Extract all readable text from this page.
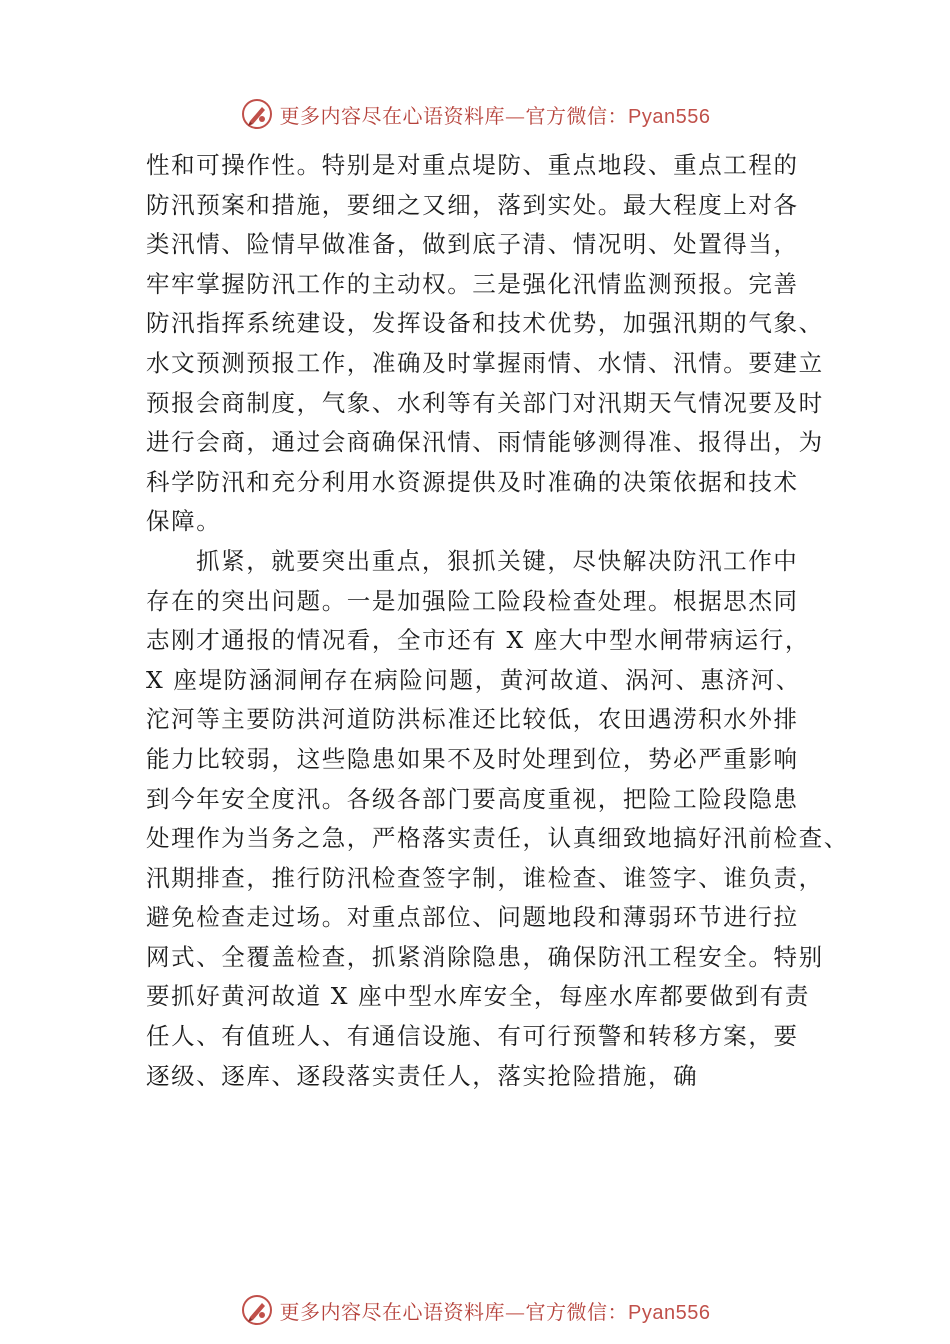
更多内容尽在心语资料库—官方微信：Pyan556
性和可操作性。特别是对重点堤防、重点地段、重点工程的
防汛预案和措施，要细之又细，落到实处。最大程度上对各
类汛情、险情早做准备，做到底子清、情况明、处置得当，
牢牢掌握防汛工作的主动权。三是强化汛情监测预报。完善
防汛指挥系统建设，发挥设备和技术优势，加强汛期的气象、
水文预测预报工作，准确及时掌握雨情、水情、汛情。要建立
预报会商制度，气象、水利等有关部门对汛期天气情况要及时
进行会商，通过会商确保汛情、雨情能够测得准、报得出，为
科学防汛和充分利用水资源提供及时准确的决策依据和技术
保障。
抓紧，就要突出重点，狠抓关键，尽快解决防汛工作中
存在的突出问题。一是加强险工险段检查处理。根据思杰同
志刚才通报的情况看，全市还有 X 座大中型水闸带病运行，
X 座堤防涵洞闸存在病险问题，黄河故道、涡河、惠济河、
沱河等主要防洪河道防洪标准还比较低，农田遇涝积水外排
能力比较弱，这些隐患如果不及时处理到位，势必严重影响
到今年安全度汛。各级各部门要高度重视，把险工险段隐患
处理作为当务之急，严格落实责任，认真细致地搞好汛前检查、
汛期排查，推行防汛检查签字制，谁检查、谁签字、谁负责，
避免检查走过场。对重点部位、问题地段和薄弱环节进行拉
网式、全覆盖检查，抓紧消除隐患，确保防汛工程安全。特别
要抓好黄河故道 X 座中型水库安全，每座水库都要做到有责
任人、有值班人、有通信设施、有可行预警和转移方案，要
逐级、逐库、逐段落实责任人，落实抢险措施，确
更多内容尽在心语资料库—官方微信：Pyan556
